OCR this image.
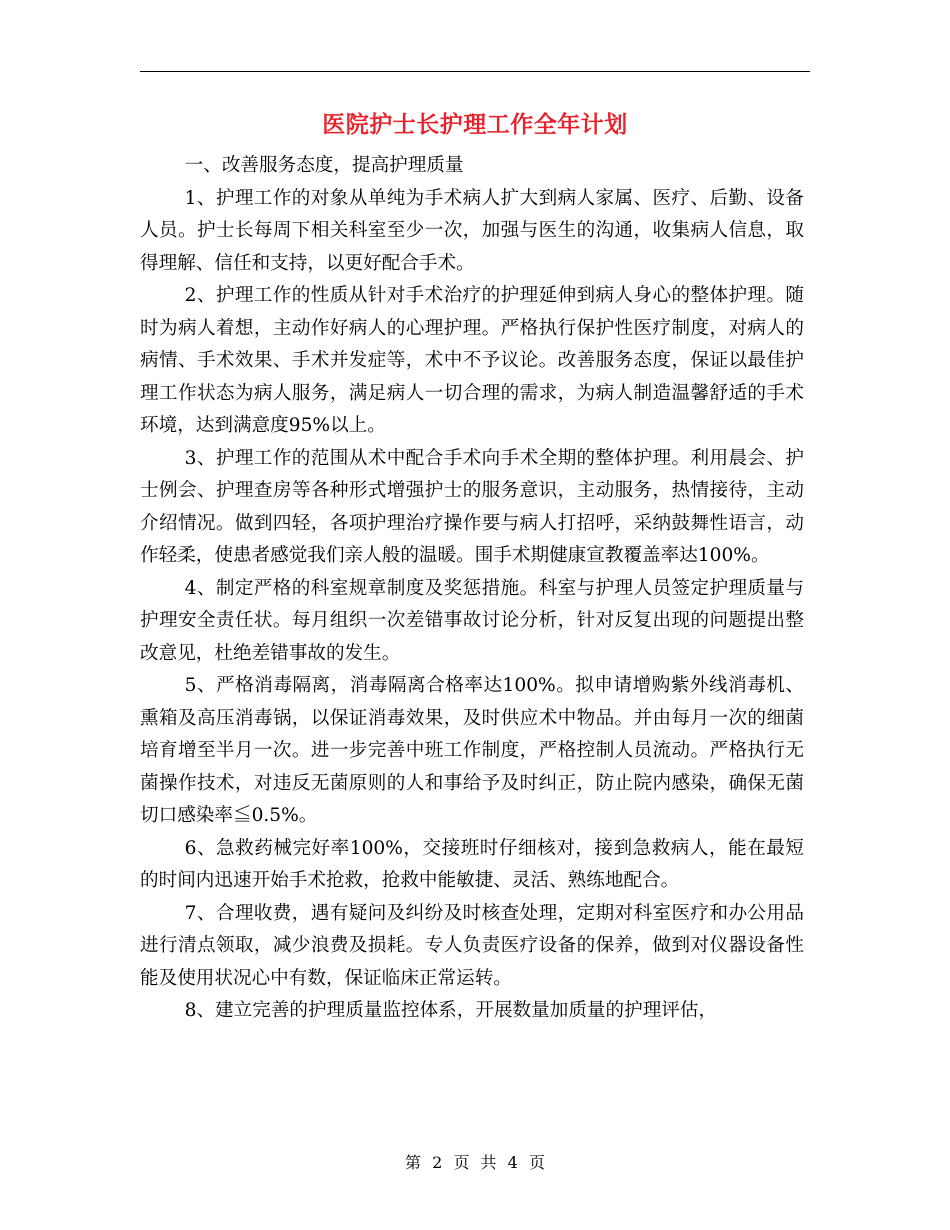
医院护士长护理工作全年计划

一、改善服务态度，提高护理质量

1、护理工作的对象从单纯为手术病人扩大到病人家属、医疗、后勤、设备人员。护士长每周下相关科室至少一次，加强与医生的沟通，收集病人信息，取得理解、信任和支持，以更好配合手术。

2、护理工作的性质从针对手术治疗的护理延伸到病人身心的整体护理。随时为病人着想，主动作好病人的心理护理。严格执行保护性医疗制度，对病人的病情、手术效果、手术并发症等，术中不予议论。改善服务态度，保证以最佳护理工作状态为病人服务，满足病人一切合理的需求，为病人制造温馨舒适的手术环境，达到满意度95%以上。

3、护理工作的范围从术中配合手术向手术全期的整体护理。利用晨会、护士例会、护理查房等各种形式增强护士的服务意识，主动服务，热情接待，主动介绍情况。做到四轻，各项护理治疗操作要与病人打招呼，采纳鼓舞性语言，动作轻柔，使患者感觉我们亲人般的温暖。围手术期健康宣教覆盖率达100%。

4、制定严格的科室规章制度及奖惩措施。科室与护理人员签定护理质量与护理安全责任状。每月组织一次差错事故讨论分析，针对反复出现的问题提出整改意见，杜绝差错事故的发生。

5、严格消毒隔离，消毒隔离合格率达100%。拟申请增购紫外线消毒机、熏箱及高压消毒锅，以保证消毒效果，及时供应术中物品。并由每月一次的细菌培育增至半月一次。进一步完善中班工作制度，严格控制人员流动。严格执行无菌操作技术，对违反无菌原则的人和事给予及时纠正，防止院内感染，确保无菌切口感染率≦0.5%。

6、急救药械完好率100%，交接班时仔细核对，接到急救病人，能在最短的时间内迅速开始手术抢救，抢救中能敏捷、灵活、熟练地配合。

7、合理收费，遇有疑问及纠纷及时核查处理，定期对科室医疗和办公用品进行清点领取，减少浪费及损耗。专人负责医疗设备的保养，做到对仪器设备性能及使用状况心中有数，保证临床正常运转。

8、建立完善的护理质量监控体系，开展数量加质量的护理评估，

第 2 页 共 4 页
